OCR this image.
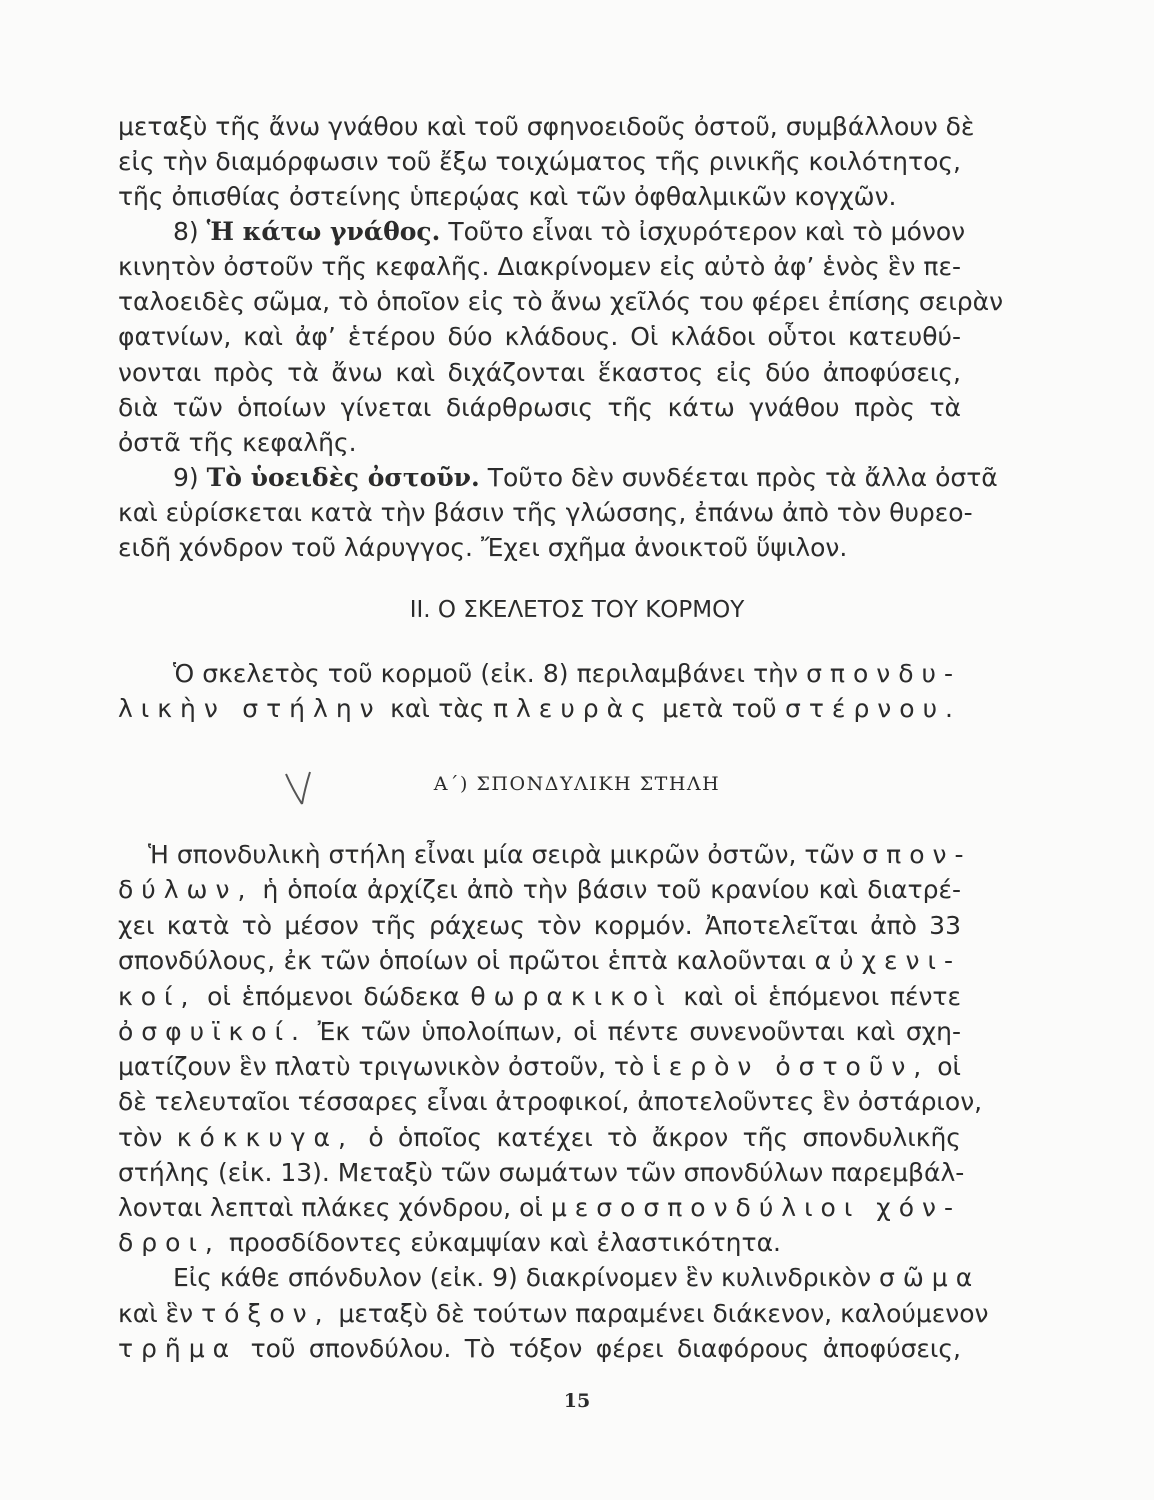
μεταξὺ τῆς ἄνω γνάθου καὶ τοῦ σφηνοειδοῦς ὀστοῦ, συμβάλλουν δὲ
εἰς τὴν διαμόρφωσιν τοῦ ἔξω τοιχώματος τῆς ρινικῆς κοιλότητος,
τῆς ὀπισθίας ὀστείνης ὑπερῴας καὶ τῶν ὀφθαλμικῶν κογχῶν.
8) Ἡ κάτω γνάθος. Τοῦτο εἶναι τὸ ἰσχυρότερον καὶ τὸ μόνον
κινητὸν ὀστοῦν τῆς κεφαλῆς. Διακρίνομεν εἰς αὐτὸ ἀφ’ ἑνὸς ἓν πε-
ταλοειδὲς σῶμα, τὸ ὁποῖον εἰς τὸ ἄνω χεῖλός του φέρει ἐπίσης σειρὰν
φατνίων, καὶ ἀφ’ ἑτέρου δύο κλάδους. Οἱ κλάδοι οὗτοι κατευθύ-
νονται πρὸς τὰ ἄνω καὶ διχάζονται ἕκαστος εἰς δύο ἀποφύσεις,
διὰ τῶν ὁποίων γίνεται διάρθρωσις τῆς κάτω γνάθου πρὸς τὰ
ὀστᾶ τῆς κεφαλῆς.
9) Τὸ ὑοειδὲς ὀστοῦν. Τοῦτο δὲν συνδέεται πρὸς τὰ ἄλλα ὀστᾶ
καὶ εὑρίσκεται κατὰ τὴν βάσιν τῆς γλώσσης, ἐπάνω ἀπὸ τὸν θυρεο-
ειδῆ χόνδρον τοῦ λάρυγγος. Ἔχει σχῆμα ἀνοικτοῦ ὕψιλον.
ΙΙ. Ο ΣΚΕΛΕΤΟΣ ΤΟΥ ΚΟΡΜΟΥ
Ὁ σκελετὸς τοῦ κορμοῦ (εἰκ. 8) περιλαμβάνει τὴν σπονδυ-
λικὴν στήλην καὶ τὰς πλευρὰς μετὰ τοῦ στέρνου.
Α΄) ΣΠΟΝΔΥΛΙΚΗ ΣΤΗΛΗ
Ἡ σπονδυλικὴ στήλη εἶναι μία σειρὰ μικρῶν ὀστῶν, τῶν σπον-
δύλων, ἡ ὁποία ἀρχίζει ἀπὸ τὴν βάσιν τοῦ κρανίου καὶ διατρέ-
χει κατὰ τὸ μέσον τῆς ράχεως τὸν κορμόν. Ἀποτελεῖται ἀπὸ 33
σπονδύλους, ἐκ τῶν ὁποίων οἱ πρῶτοι ἑπτὰ καλοῦνται αὐχενι-
κοί, οἱ ἑπόμενοι δώδεκα θωρακικοὶ καὶ οἱ ἑπόμενοι πέντε
ὀσφυϊκοί. Ἐκ τῶν ὑπολοίπων, οἱ πέντε συνενοῦνται καὶ σχη-
ματίζουν ἓν πλατὺ τριγωνικὸν ὀστοῦν, τὸ ἱερὸν ὀστοῦν, οἱ
δὲ τελευταῖοι τέσσαρες εἶναι ἀτροφικοί, ἀποτελοῦντες ἓν ὀστάριον,
τὸν κόκκυγα, ὁ ὁποῖος κατέχει τὸ ἄκρον τῆς σπονδυλικῆς
στήλης (εἰκ. 13). Μεταξὺ τῶν σωμάτων τῶν σπονδύλων παρεμβάλ-
λονται λεπταὶ πλάκες χόνδρου, οἱ μεσοσπονδύλιοι χόν-
δροι, προσδίδοντες εὐκαμψίαν καὶ ἐλαστικότητα.
Εἰς κάθε σπόνδυλον (εἰκ. 9) διακρίνομεν ἓν κυλινδρικὸν σῶμα
καὶ ἓν τόξον, μεταξὺ δὲ τούτων παραμένει διάκενον, καλούμενον
τρῆμα τοῦ σπονδύλου. Τὸ τόξον φέρει διαφόρους ἀποφύσεις,
15
